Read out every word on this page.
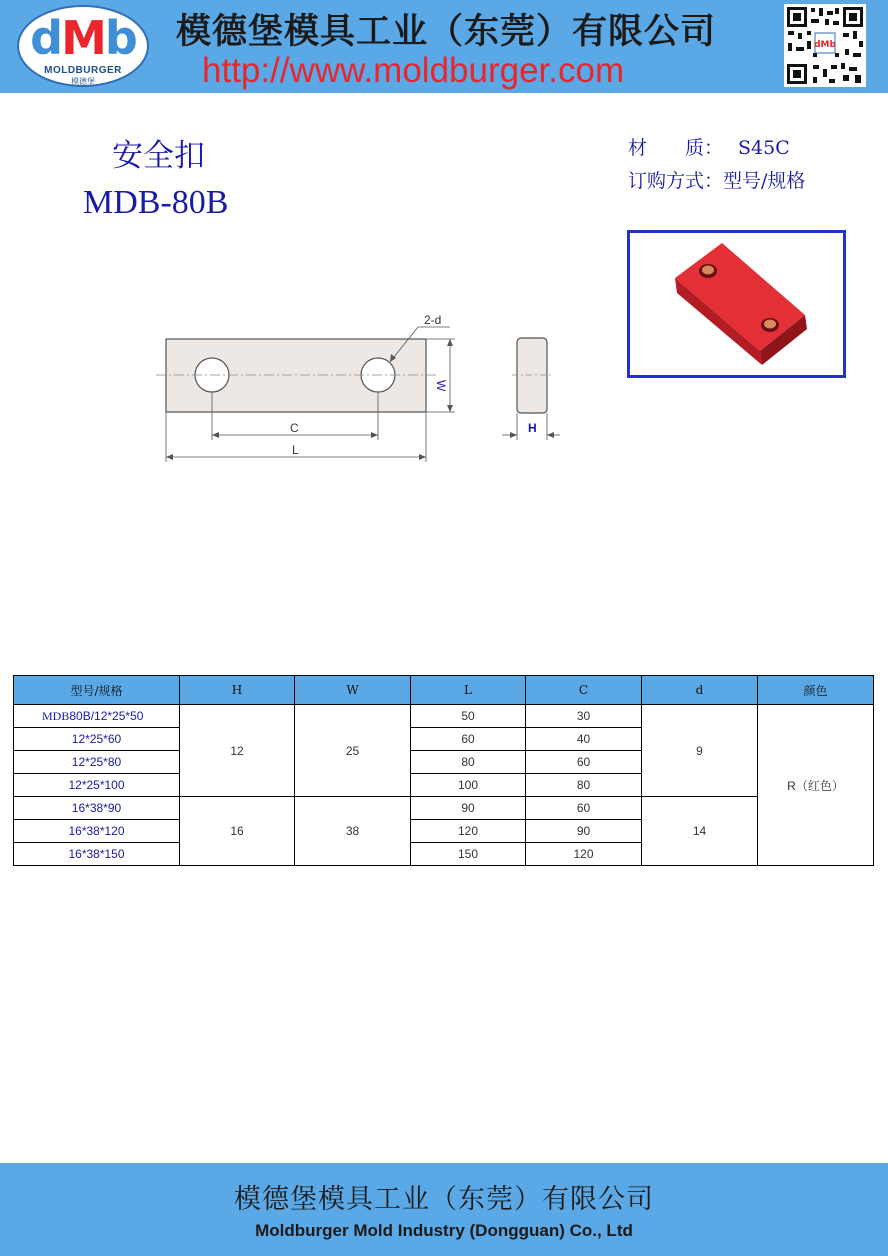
dMb
MOLDBURGER
模德堡
模德堡模具工业（东莞）有限公司
http://www.moldburger.com
dMb
安全扣
MDB-80B
材　　质： S45C
订购方式：型号/规格
2-d
W
C
L
H
型号/规格	H	W	L	C	d	颜色
MDB80B/12*25*50	12	25	50	30	9	R（红色）
12*25*60			60	40		
12*25*80			80	60		
12*25*100			100	80		
16*38*90	16	38	90	60	14	
16*38*120			120	90		
16*38*150			150	120		
模德堡模具工业（东莞）有限公司
Moldburger Mold Industry (Dongguan) Co., Ltd
